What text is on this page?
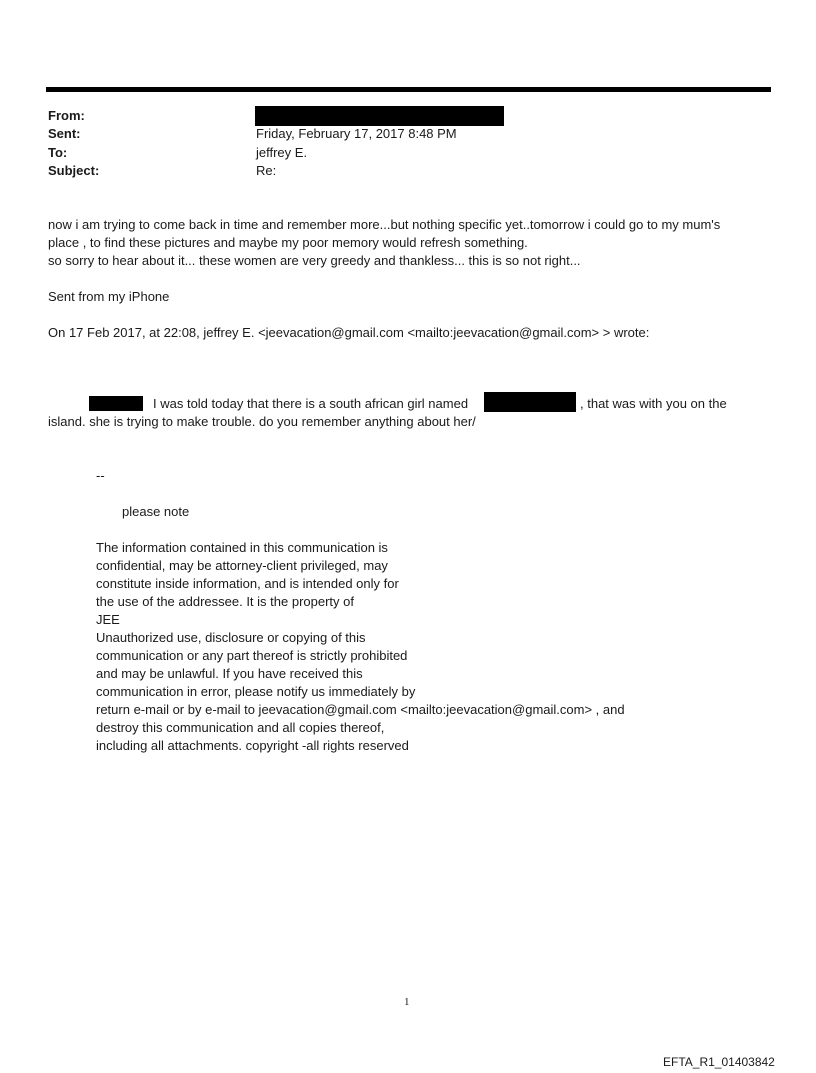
From:
Sent:	Friday, February 17, 2017 8:48 PM
To:	jeffrey E.
Subject:	Re:
now i am trying to come back in time and remember more...but nothing specific yet..tomorrow i could go to my mum's
place , to find these pictures and maybe my poor memory would refresh something.
so sorry to hear about it... these women are very greedy and thankless... this is so not right...
Sent from my iPhone
On 17 Feb 2017, at 22:08, jeffrey E. <jeevacation@gmail.com <mailto:jeevacation@gmail.com> > wrote:
I was told today that there is a south african girl named	, that was with you on the
island. she is trying to make trouble. do you remember anything about her/
--
please note
The information contained in this communication is
confidential, may be attorney-client privileged, may
constitute inside information, and is intended only for
the use of the addressee. It is the property of
JEE
Unauthorized use, disclosure or copying of this
communication or any part thereof is strictly prohibited
and may be unlawful. If you have received this
communication in error, please notify us immediately by
return e-mail or by e-mail to jeevacation@gmail.com <mailto:jeevacation@gmail.com> , and
destroy this communication and all copies thereof,
including all attachments. copyright -all rights reserved
1
EFTA_R1_01403842
